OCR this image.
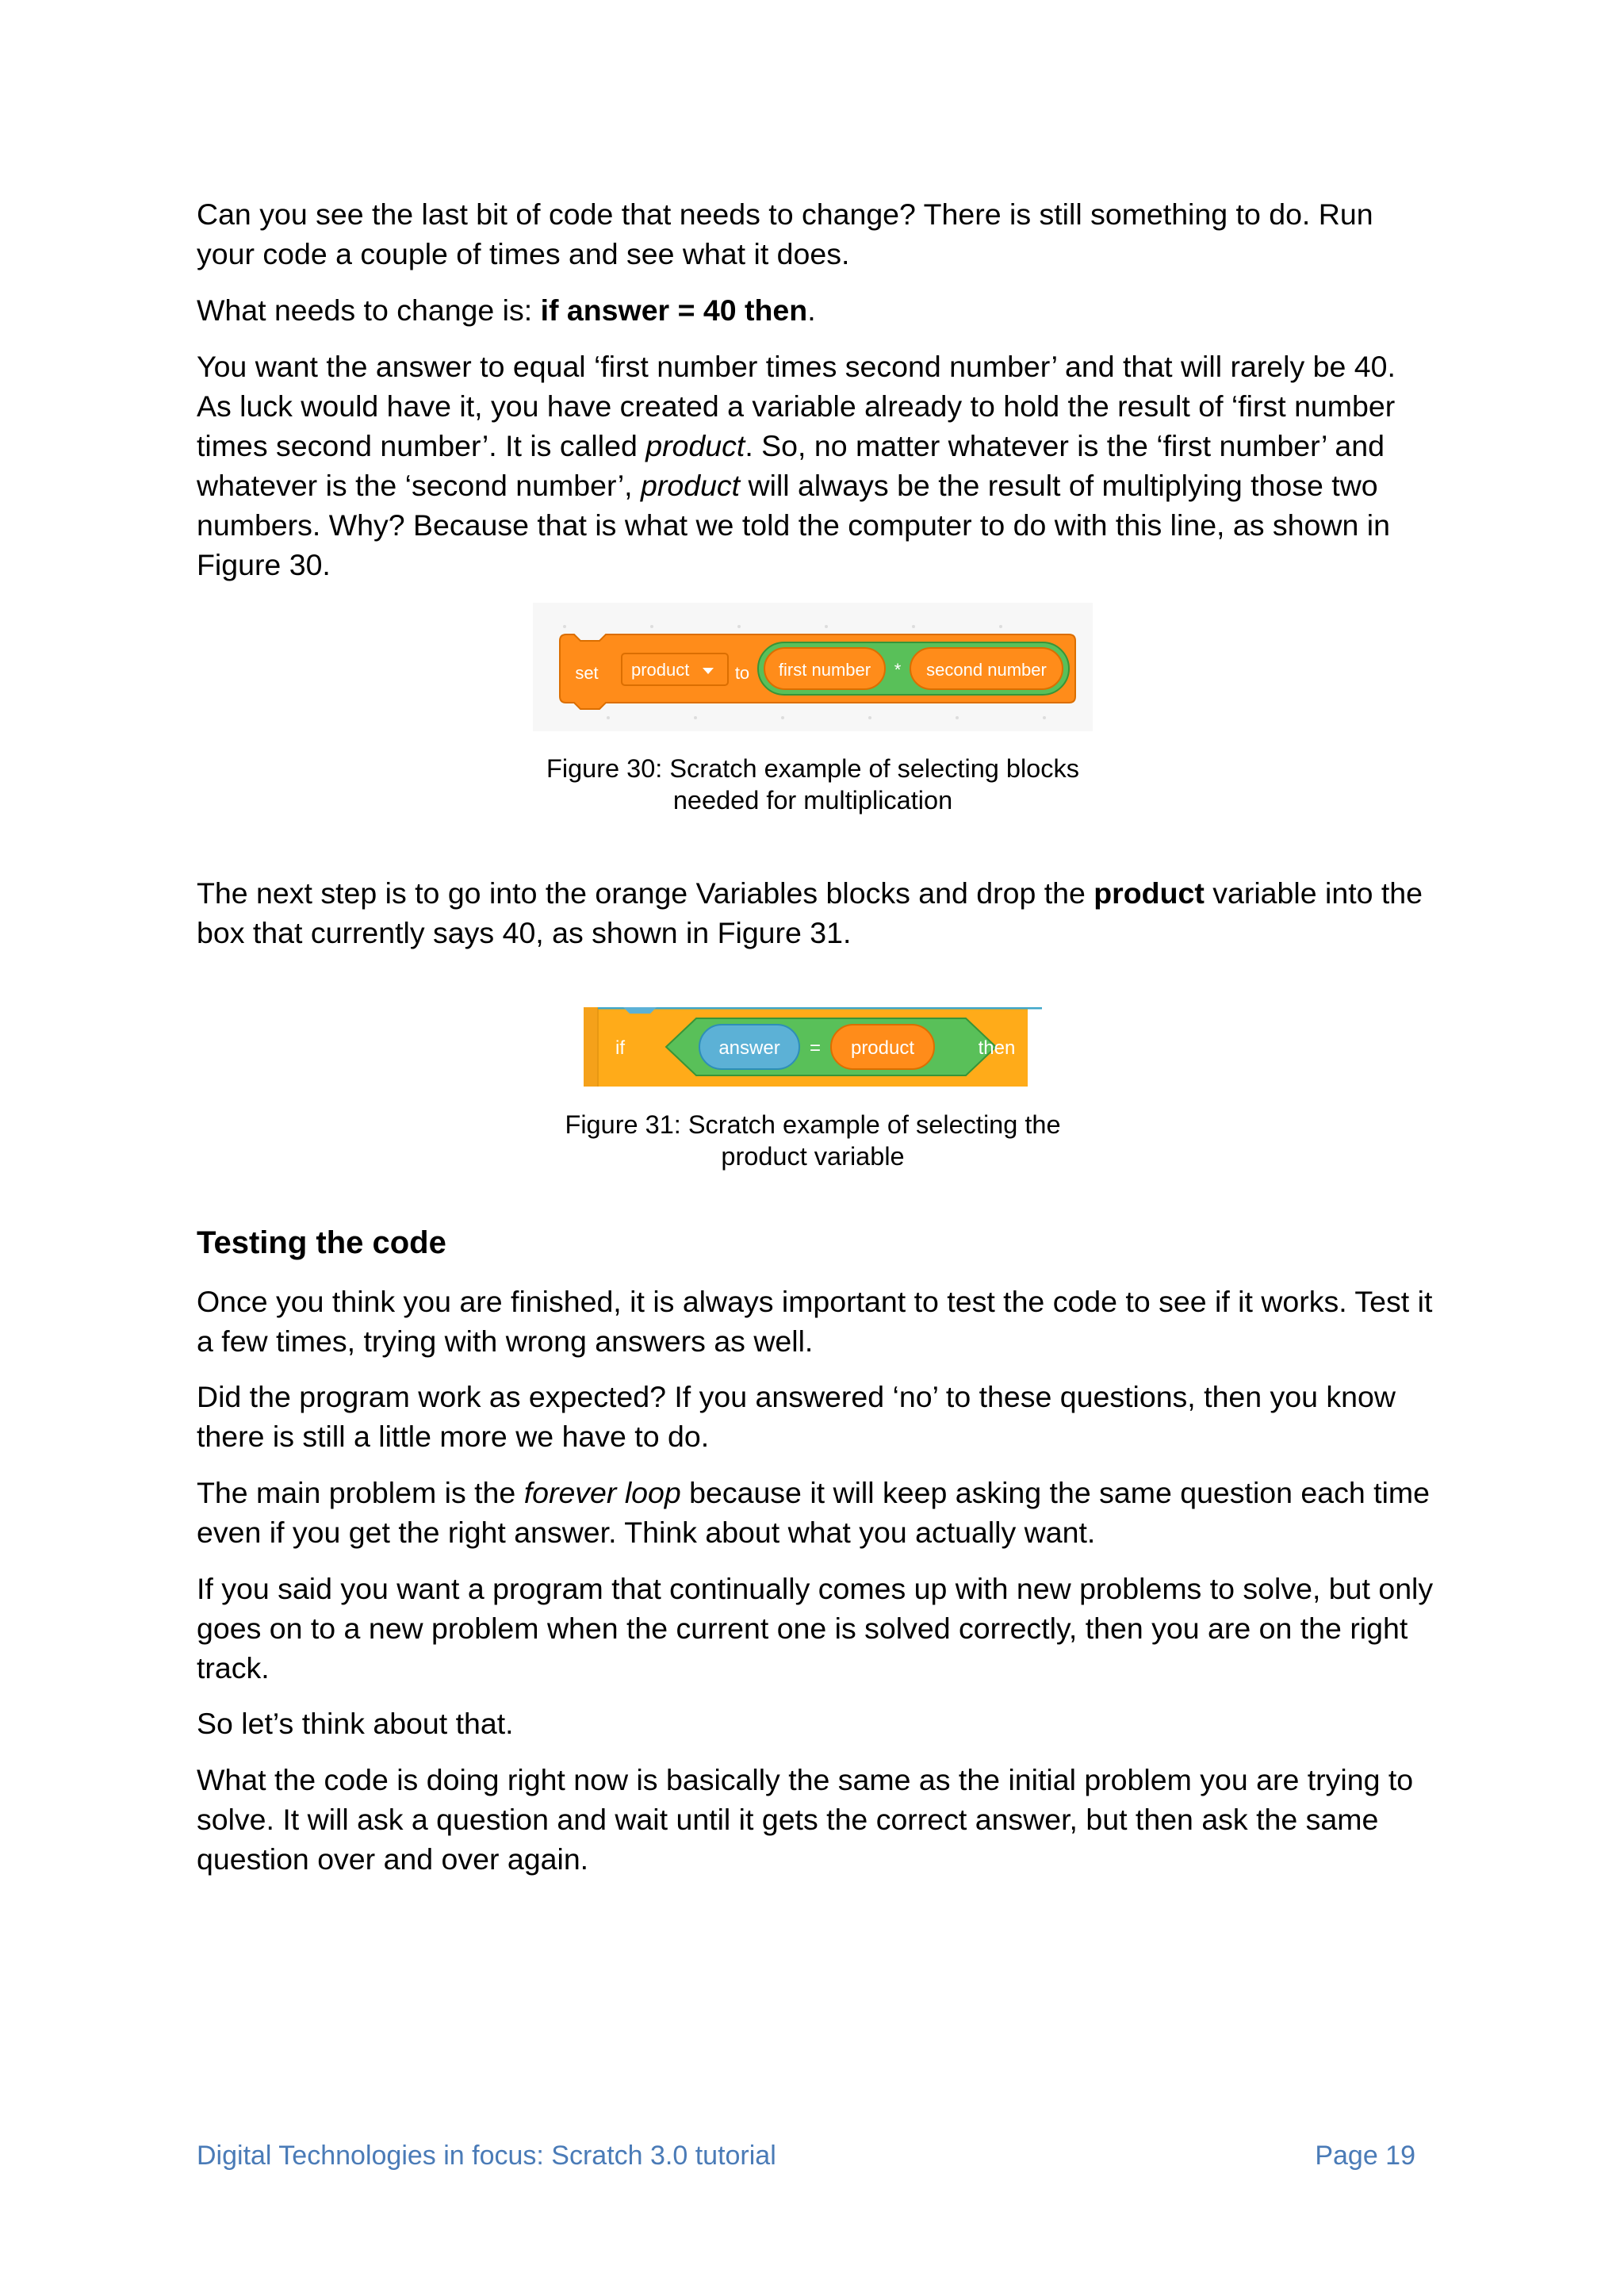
Can you see the last bit of code that needs to change? There is still something to do. Run your code a couple of times and see what it does.

What needs to change is: if answer = 40 then.

You want the answer to equal ‘first number times second number’ and that will rarely be 40. As luck would have it, you have created a variable already to hold the result of ‘first number times second number’. It is called product. So, no matter whatever is the ‘first number’ and whatever is the ‘second number’, product will always be the result of multiplying those two numbers. Why? Because that is what we told the computer to do with this line, as shown in Figure 30.

set product	to first number * second number

Figure 30: Scratch example of selecting blocks
needed for multiplication

The next step is to go into the orange Variables blocks and drop the product variable into the box that currently says 40, as shown in Figure 31.

if	answer = product	then

Figure 31: Scratch example of selecting the
product variable

Testing the code

Once you think you are finished, it is always important to test the code to see if it works. Test it a few times, trying with wrong answers as well.

Did the program work as expected? If you answered ‘no’ to these questions, then you know there is still a little more we have to do.

The main problem is the forever loop because it will keep asking the same question each time even if you get the right answer. Think about what you actually want.

If you said you want a program that continually comes up with new problems to solve, but only goes on to a new problem when the current one is solved correctly, then you are on the right track.

So let’s think about that.

What the code is doing right now is basically the same as the initial problem you are trying to solve. It will ask a question and wait until it gets the correct answer, but then ask the same question over and over again.

Digital Technologies in focus: Scratch 3.0 tutorial	Page 19
